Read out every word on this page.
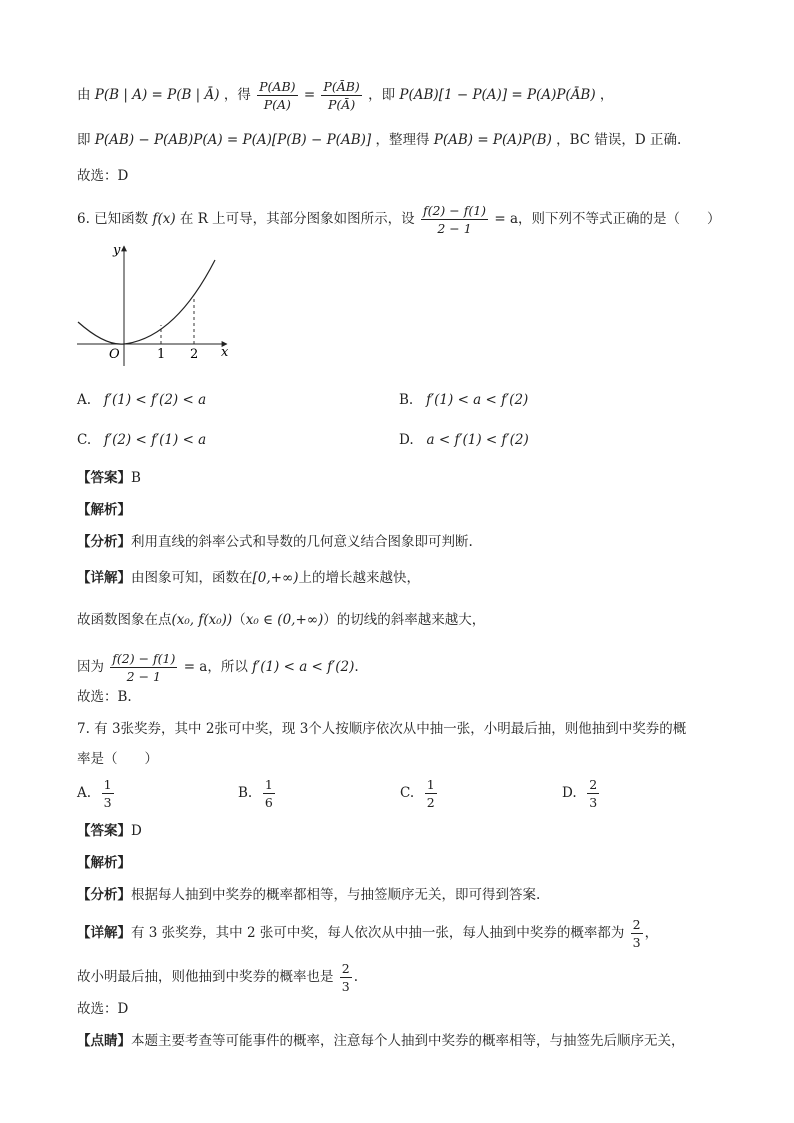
由 P(B | A) = P(B | Ā) ，得 $\frac{P(AB)}{P(A)} = \frac{P(ĀB)}{P(Ā)}$ ，即 P(AB)[1 − P(A)] = P(A)P(ĀB) ，
即 P(AB) − P(AB)P(A) = P(A)[P(B) − P(AB)] ，整理得 P(AB) = P(A)P(B) ，BC 错误，D 正确.
故选：D
6. 已知函数 f(x) 在 R 上可导，其部分图象如图所示，设 $\frac{f(2) - f(1)}{2 - 1} = a$，则下列不等式正确的是（　　）
y
x
O	1 2
A. f′(1) < f′(2) < a	B. f′(1) < a < f′(2)
C. f′(2) < f′(1) < a	D. a < f′(1) < f′(2)
【答案】B
【解析】
【分析】利用直线的斜率公式和导数的几何意义结合图象即可判断.
【详解】由图象可知，函数在[0,+∞)上的增长越来越快，
故函数图象在点(x₀, f(x₀))（x₀ ∈ (0,+∞)）的切线的斜率越来越大，
因为 $\frac{f(2) - f(1)}{2 - 1} = a$，所以 f′(1) < a < f′(2).
故选：B.
7. 有 3张奖券，其中 2张可中奖，现 3个人按顺序依次从中抽一张，小明最后抽，则他抽到中奖券的概
率是（　　）
A. $\frac{1}{3}$	B. $\frac{1}{6}$	C. $\frac{1}{2}$	D. $\frac{2}{3}$
【答案】D
【解析】
【分析】根据每人抽到中奖券的概率都相等，与抽签顺序无关，即可得到答案.
【详解】有 3 张奖券，其中 2 张可中奖，每人依次从中抽一张，每人抽到中奖券的概率都为 $\frac{2}{3}$ ，
故小明最后抽，则他抽到中奖券的概率也是 $\frac{2}{3}$ .
故选：D
【点睛】本题主要考查等可能事件的概率，注意每个人抽到中奖券的概率相等，与抽签先后顺序无关，
